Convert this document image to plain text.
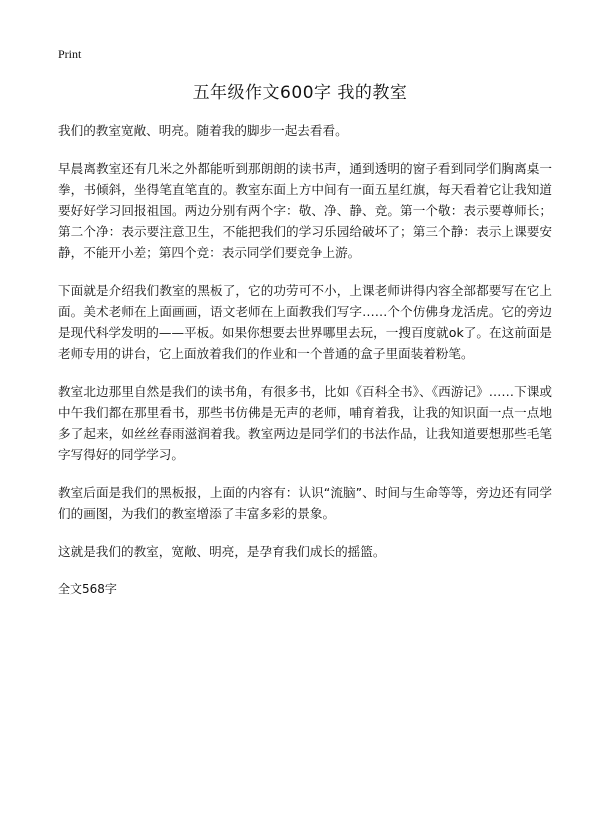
Print
五年级作文600字 我的教室

我们的教室宽敞、明亮。随着我的脚步一起去看看。

早晨离教室还有几米之外都能听到那朗朗的读书声，通到透明的窗子看到同学们胸离桌一拳，书倾斜，坐得笔直笔直的。教室东面上方中间有一面五星红旗，每天看着它让我知道要好好学习回报祖国。两边分别有两个字：敬、净、静、竞。第一个敬：表示要尊师长；第二个净：表示要注意卫生，不能把我们的学习乐园给破坏了；第三个静：表示上课要安静，不能开小差；第四个竞：表示同学们要竞争上游。

下面就是介绍我们教室的黑板了，它的功劳可不小，上课老师讲得内容全部都要写在它上面。美术老师在上面画画，语文老师在上面教我们写字……个个仿佛身龙活虎。它的旁边是现代科学发明的——平板。如果你想要去世界哪里去玩，一搜百度就ok了。在这前面是老师专用的讲台，它上面放着我们的作业和一个普通的盒子里面装着粉笔。

教室北边那里自然是我们的读书角，有很多书，比如《百科全书》、《西游记》……下课或中午我们都在那里看书，那些书仿佛是无声的老师，哺育着我，让我的知识面一点一点地多了起来，如丝丝春雨滋润着我。教室两边是同学们的书法作品，让我知道要想那些毛笔字写得好的同学学习。

教室后面是我们的黑板报，上面的内容有：认识“流脑”、时间与生命等等，旁边还有同学们的画图，为我们的教室增添了丰富多彩的景象。

这就是我们的教室，宽敞、明亮，是孕育我们成长的摇篮。

全文568字
